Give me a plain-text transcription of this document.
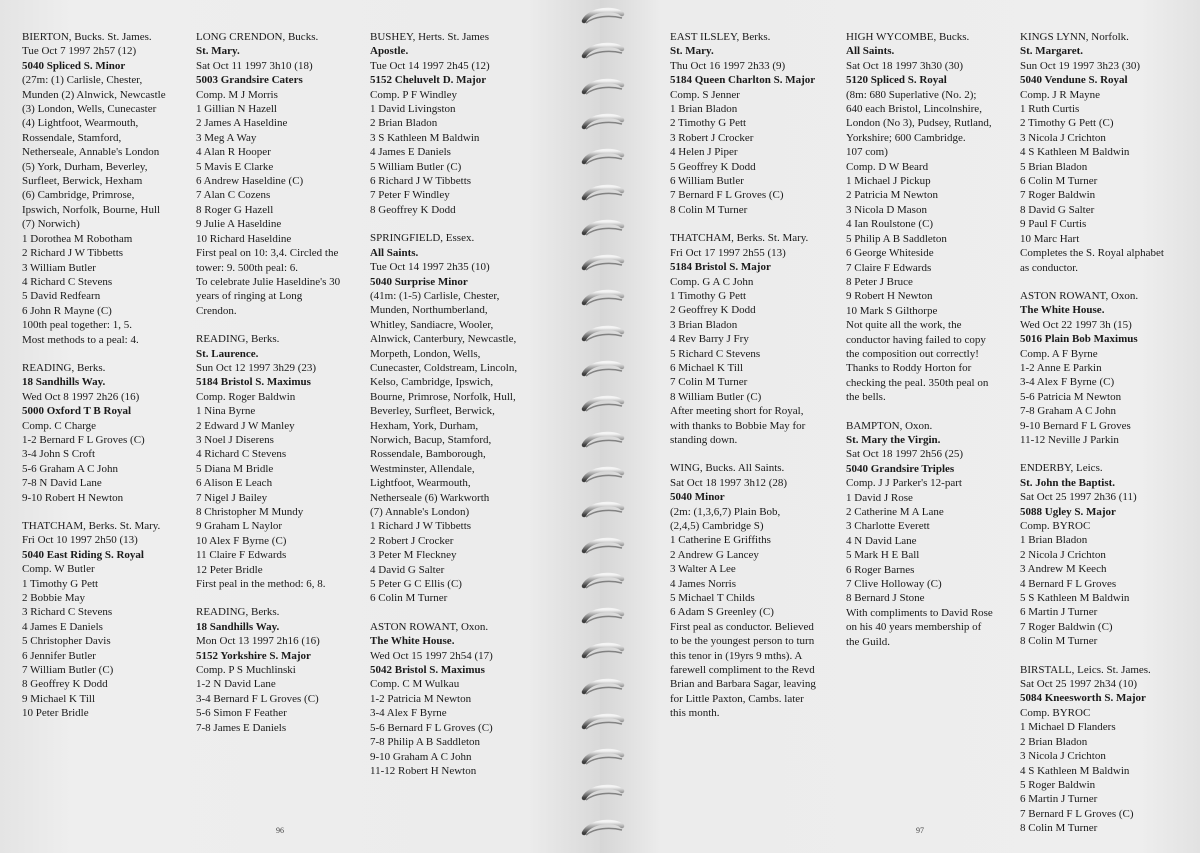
BIERTON, Bucks. St. James.
Tue Oct 7 1997 2h57 (12)
5040 Spliced S. Minor
(27m: (1) Carlisle, Chester,
Munden (2) Alnwick, Newcastle
(3) London, Wells, Cunecaster
(4) Lightfoot, Wearmouth,
Rossendale, Stamford,
Netherseale, Annable's London
(5) York, Durham, Beverley,
Surfleet, Berwick, Hexham
(6) Cambridge, Primrose,
Ipswich, Norfolk, Bourne, Hull
(7) Norwich)
1 Dorothea M Robotham
2 Richard J W Tibbetts
3 William Butler
4 Richard C Stevens
5 David Redfearn
6 John R Mayne (C)
100th peal together: 1, 5.
Most methods to a peal: 4.
READING, Berks.
18 Sandhills Way.
Wed Oct 8 1997 2h26 (16)
5000 Oxford T B Royal
Comp. C Charge
1-2 Bernard F L Groves (C)
3-4 John S Croft
5-6 Graham A C John
7-8 N David Lane
9-10 Robert H Newton
THATCHAM, Berks. St. Mary.
Fri Oct 10 1997 2h50 (13)
5040 East Riding S. Royal
Comp. W Butler
1 Timothy G Pett
2 Bobbie May
3 Richard C Stevens
4 James E Daniels
5 Christopher Davis
6 Jennifer Butler
7 William Butler (C)
8 Geoffrey K Dodd
9 Michael K Till
10 Peter Bridle
LONG CRENDON, Bucks.
St. Mary.
Sat Oct 11 1997 3h10 (18)
5003 Grandsire Caters
Comp. M J Morris
1 Gillian N Hazell
2 James A Haseldine
3 Meg A Way
4 Alan R Hooper
5 Mavis E Clarke
6 Andrew Haseldine (C)
7 Alan C Cozens
8 Roger G Hazell
9 Julie A Haseldine
10 Richard Haseldine
First peal on 10: 3,4. Circled the
tower: 9. 500th peal: 6.
To celebrate Julie Haseldine's 30
years of ringing at Long
Crendon.
READING, Berks.
St. Laurence.
Sun Oct 12 1997 3h29 (23)
5184 Bristol S. Maximus
Comp. Roger Baldwin
1 Nina Byrne
2 Edward J W Manley
3 Noel J Diserens
4 Richard C Stevens
5 Diana M Bridle
6 Alison E Leach
7 Nigel J Bailey
8 Christopher M Mundy
9 Graham L Naylor
10 Alex F Byrne (C)
11 Claire F Edwards
12 Peter Bridle
First peal in the method: 6, 8.
READING, Berks.
18 Sandhills Way.
Mon Oct 13 1997 2h16 (16)
5152 Yorkshire S. Major
Comp. P S Muchlinski
1-2 N David Lane
3-4 Bernard F L Groves (C)
5-6 Simon F Feather
7-8 James E Daniels
BUSHEY, Herts. St. James
Apostle.
Tue Oct 14 1997 2h45 (12)
5152 Cheluvelt D. Major
Comp. P F Windley
1 David Livingston
2 Brian Bladon
3 S Kathleen M Baldwin
4 James E Daniels
5 William Butler (C)
6 Richard J W Tibbetts
7 Peter F Windley
8 Geoffrey K Dodd
SPRINGFIELD, Essex.
All Saints.
Tue Oct 14 1997 2h35 (10)
5040 Surprise Minor
(41m: (1-5) Carlisle, Chester,
Munden, Northumberland,
Whitley, Sandiacre, Wooler,
Alnwick, Canterbury, Newcastle,
Morpeth, London, Wells,
Cunecaster, Coldstream, Lincoln,
Kelso, Cambridge, Ipswich,
Bourne, Primrose, Norfolk, Hull,
Beverley, Surfleet, Berwick,
Hexham, York, Durham,
Norwich, Bacup, Stamford,
Rossendale, Bamborough,
Westminster, Allendale,
Lightfoot, Wearmouth,
Netherseale (6) Warkworth
(7) Annable's London)
1 Richard J W Tibbetts
2 Robert J Crocker
3 Peter M Fleckney
4 David G Salter
5 Peter G C Ellis (C)
6 Colin M Turner
ASTON ROWANT, Oxon.
The White House.
Wed Oct 15 1997 2h54 (17)
5042 Bristol S. Maximus
Comp. C M Wulkau
1-2 Patricia M Newton
3-4 Alex F Byrne
5-6 Bernard F L Groves (C)
7-8 Philip A B Saddleton
9-10 Graham A C John
11-12 Robert H Newton
96
EAST ILSLEY, Berks.
St. Mary.
Thu Oct 16 1997 2h33 (9)
5184 Queen Charlton S. Major
Comp. S Jenner
1 Brian Bladon
2 Timothy G Pett
3 Robert J Crocker
4 Helen J Piper
5 Geoffrey K Dodd
6 William Butler
7 Bernard F L Groves (C)
8 Colin M Turner
THATCHAM, Berks. St. Mary.
Fri Oct 17 1997 2h55 (13)
5184 Bristol S. Major
Comp. G A C John
1 Timothy G Pett
2 Geoffrey K Dodd
3 Brian Bladon
4 Rev Barry J Fry
5 Richard C Stevens
6 Michael K Till
7 Colin M Turner
8 William Butler (C)
After meeting short for Royal,
with thanks to Bobbie May for
standing down.
WING, Bucks. All Saints.
Sat Oct 18 1997 3h12 (28)
5040 Minor
(2m: (1,3,6,7) Plain Bob,
(2,4,5) Cambridge S)
1 Catherine E Griffiths
2 Andrew G Lancey
3 Walter A Lee
4 James Norris
5 Michael T Childs
6 Adam S Greenley (C)
First peal as conductor. Believed
to be the youngest person to turn
this tenor in (19yrs 9 mths). A
farewell compliment to the Revd
Brian and Barbara Sagar, leaving
for Little Paxton, Cambs. later
this month.
HIGH WYCOMBE, Bucks.
All Saints.
Sat Oct 18 1997 3h30 (30)
5120 Spliced S. Royal
(8m: 680 Superlative (No. 2);
640 each Bristol, Lincolnshire,
London (No 3), Pudsey, Rutland,
Yorkshire; 600 Cambridge.
107 com)
Comp. D W Beard
1 Michael J Pickup
2 Patricia M Newton
3 Nicola D Mason
4 Ian Roulstone (C)
5 Philip A B Saddleton
6 George Whiteside
7 Claire F Edwards
8 Peter J Bruce
9 Robert H Newton
10 Mark S Gilthorpe
Not quite all the work, the
conductor having failed to copy
the composition out correctly!
Thanks to Roddy Horton for
checking the peal. 350th peal on
the bells.
BAMPTON, Oxon.
St. Mary the Virgin.
Sat Oct 18 1997 2h56 (25)
5040 Grandsire Triples
Comp. J J Parker's 12-part
1 David J Rose
2 Catherine M A Lane
3 Charlotte Everett
4 N David Lane
5 Mark H E Ball
6 Roger Barnes
7 Clive Holloway (C)
8 Bernard J Stone
With compliments to David Rose
on his 40 years membership of
the Guild.
KINGS LYNN, Norfolk.
St. Margaret.
Sun Oct 19 1997 3h23 (30)
5040 Vendune S. Royal
Comp. J R Mayne
1 Ruth Curtis
2 Timothy G Pett (C)
3 Nicola J Crichton
4 S Kathleen M Baldwin
5 Brian Bladon
6 Colin M Turner
7 Roger Baldwin
8 David G Salter
9 Paul F Curtis
10 Marc Hart
Completes the S. Royal alphabet
as conductor.
ASTON ROWANT, Oxon.
The White House.
Wed Oct 22 1997 3h (15)
5016 Plain Bob Maximus
Comp. A F Byrne
1-2 Anne E Parkin
3-4 Alex F Byrne (C)
5-6 Patricia M Newton
7-8 Graham A C John
9-10 Bernard F L Groves
11-12 Neville J Parkin
ENDERBY, Leics.
St. John the Baptist.
Sat Oct 25 1997 2h36 (11)
5088 Ugley S. Major
Comp. BYROC
1 Brian Bladon
2 Nicola J Crichton
3 Andrew M Keech
4 Bernard F L Groves
5 S Kathleen M Baldwin
6 Martin J Turner
7 Roger Baldwin (C)
8 Colin M Turner
BIRSTALL, Leics. St. James.
Sat Oct 25 1997 2h34 (10)
5084 Kneesworth S. Major
Comp. BYROC
1 Michael D Flanders
2 Brian Bladon
3 Nicola J Crichton
4 S Kathleen M Baldwin
5 Roger Baldwin
6 Martin J Turner
7 Bernard F L Groves (C)
8 Colin M Turner
97
